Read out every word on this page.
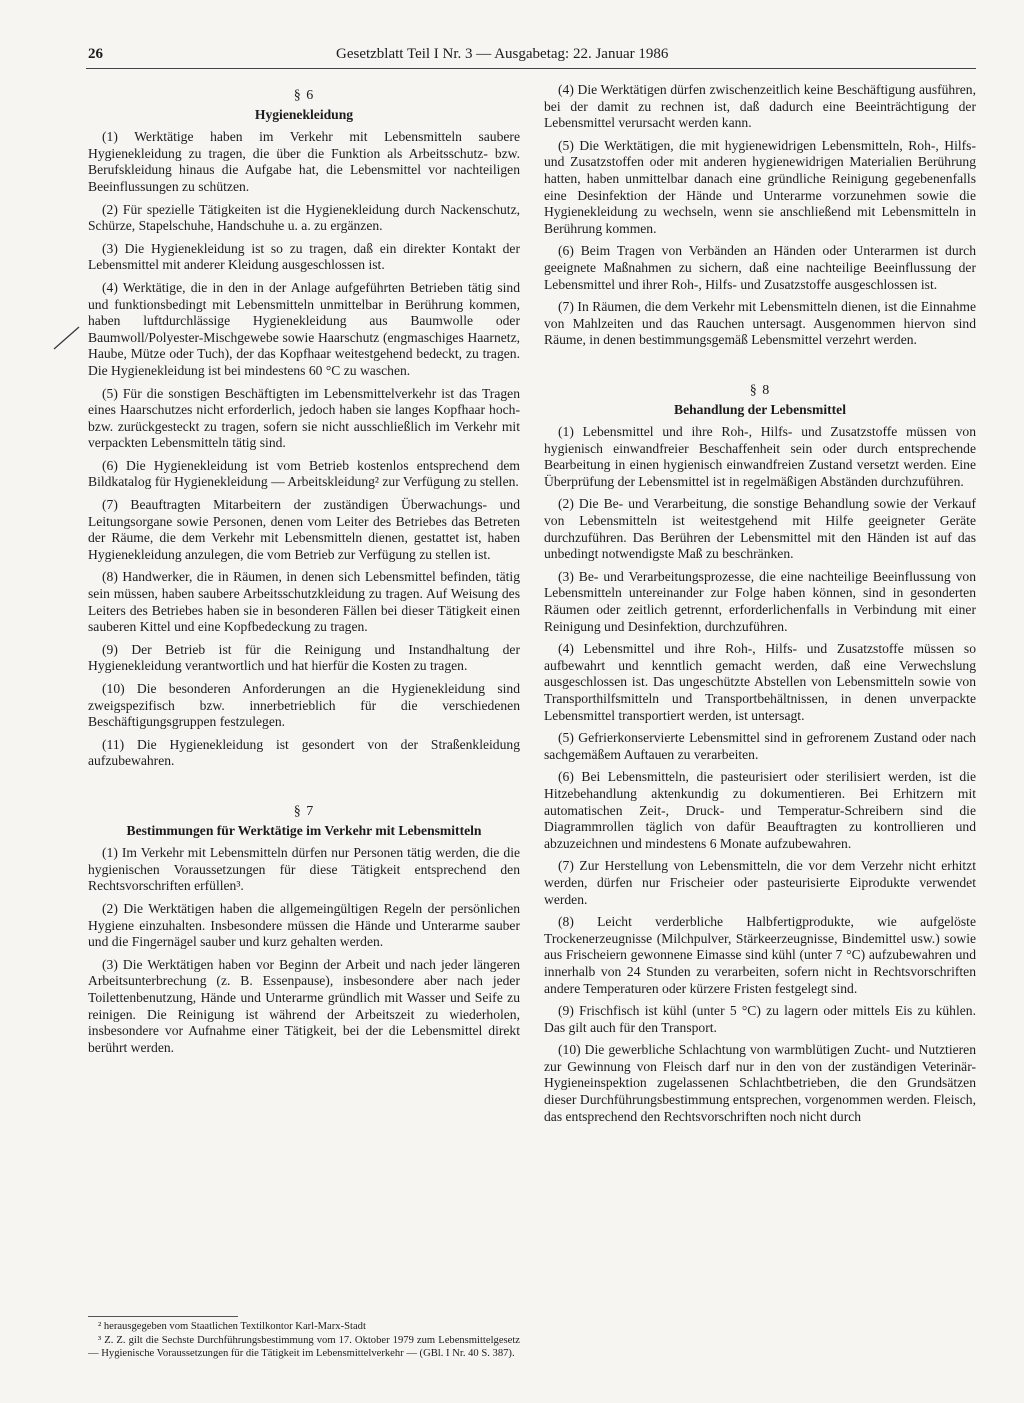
26	Gesetzblatt Teil I Nr. 3 — Ausgabetag: 22. Januar 1986

§ 6
Hygienekleidung

(1) Werktätige haben im Verkehr mit Lebensmitteln saubere Hygienekleidung zu tragen, die über die Funktion als Arbeitsschutz- bzw. Berufskleidung hinaus die Aufgabe hat, die Lebensmittel vor nachteiligen Beeinflussungen zu schützen.

(2) Für spezielle Tätigkeiten ist die Hygienekleidung durch Nackenschutz, Schürze, Stapelschuhe, Handschuhe u. a. zu ergänzen.

(3) Die Hygienekleidung ist so zu tragen, daß ein direkter Kontakt der Lebensmittel mit anderer Kleidung ausgeschlossen ist.

(4) Werktätige, die in den in der Anlage aufgeführten Betrieben tätig sind und funktionsbedingt mit Lebensmitteln unmittelbar in Berührung kommen, haben luftdurchlässige Hygienekleidung aus Baumwolle oder Baumwoll/Polyester-Mischgewebe sowie Haarschutz (engmaschiges Haarnetz, Haube, Mütze oder Tuch), der das Kopfhaar weitestgehend bedeckt, zu tragen. Die Hygienekleidung ist bei mindestens 60 °C zu waschen.

(5) Für die sonstigen Beschäftigten im Lebensmittelverkehr ist das Tragen eines Haarschutzes nicht erforderlich, jedoch haben sie langes Kopfhaar hoch- bzw. zurückgesteckt zu tragen, sofern sie nicht ausschließlich im Verkehr mit verpackten Lebensmitteln tätig sind.

(6) Die Hygienekleidung ist vom Betrieb kostenlos entsprechend dem Bildkatalog für Hygienekleidung — Arbeitskleidung² zur Verfügung zu stellen.

(7) Beauftragten Mitarbeitern der zuständigen Überwachungs- und Leitungsorgane sowie Personen, denen vom Leiter des Betriebes das Betreten der Räume, die dem Verkehr mit Lebensmitteln dienen, gestattet ist, haben Hygienekleidung anzulegen, die vom Betrieb zur Verfügung zu stellen ist.

(8) Handwerker, die in Räumen, in denen sich Lebensmittel befinden, tätig sein müssen, haben saubere Arbeitsschutzkleidung zu tragen. Auf Weisung des Leiters des Betriebes haben sie in besonderen Fällen bei dieser Tätigkeit einen sauberen Kittel und eine Kopfbedeckung zu tragen.

(9) Der Betrieb ist für die Reinigung und Instandhaltung der Hygienekleidung verantwortlich und hat hierfür die Kosten zu tragen.

(10) Die besonderen Anforderungen an die Hygienekleidung sind zweigspezifisch bzw. innerbetrieblich für die verschiedenen Beschäftigungsgruppen festzulegen.

(11) Die Hygienekleidung ist gesondert von der Straßenkleidung aufzubewahren.

§ 7
Bestimmungen für Werktätige im Verkehr mit Lebensmitteln

(1) Im Verkehr mit Lebensmitteln dürfen nur Personen tätig werden, die die hygienischen Voraussetzungen für diese Tätigkeit entsprechend den Rechtsvorschriften erfüllen³.

(2) Die Werktätigen haben die allgemeingültigen Regeln der persönlichen Hygiene einzuhalten. Insbesondere müssen die Hände und Unterarme sauber und die Fingernägel sauber und kurz gehalten werden.

(3) Die Werktätigen haben vor Beginn der Arbeit und nach jeder längeren Arbeitsunterbrechung (z. B. Essenpause), insbesondere aber nach jeder Toilettenbenutzung, Hände und Unterarme gründlich mit Wasser und Seife zu reinigen. Die Reinigung ist während der Arbeitszeit zu wiederholen, insbesondere vor Aufnahme einer Tätigkeit, bei der die Lebensmittel direkt berührt werden.

² herausgegeben vom Staatlichen Textilkontor Karl-Marx-Stadt

³ Z. Z. gilt die Sechste Durchführungsbestimmung vom 17. Oktober 1979 zum Lebensmittelgesetz — Hygienische Voraussetzungen für die Tätigkeit im Lebensmittelverkehr — (GBl. I Nr. 40 S. 387).

(4) Die Werktätigen dürfen zwischenzeitlich keine Beschäftigung ausführen, bei der damit zu rechnen ist, daß dadurch eine Beeinträchtigung der Lebensmittel verursacht werden kann.

(5) Die Werktätigen, die mit hygienewidrigen Lebensmitteln, Roh-, Hilfs- und Zusatzstoffen oder mit anderen hygienewidrigen Materialien Berührung hatten, haben unmittelbar danach eine gründliche Reinigung gegebenenfalls eine Desinfektion der Hände und Unterarme vorzunehmen sowie die Hygienekleidung zu wechseln, wenn sie anschließend mit Lebensmitteln in Berührung kommen.

(6) Beim Tragen von Verbänden an Händen oder Unterarmen ist durch geeignete Maßnahmen zu sichern, daß eine nachteilige Beeinflussung der Lebensmittel und ihrer Roh-, Hilfs- und Zusatzstoffe ausgeschlossen ist.

(7) In Räumen, die dem Verkehr mit Lebensmitteln dienen, ist die Einnahme von Mahlzeiten und das Rauchen untersagt. Ausgenommen hiervon sind Räume, in denen bestimmungsgemäß Lebensmittel verzehrt werden.

§ 8
Behandlung der Lebensmittel

(1) Lebensmittel und ihre Roh-, Hilfs- und Zusatzstoffe müssen von hygienisch einwandfreier Beschaffenheit sein oder durch entsprechende Bearbeitung in einen hygienisch einwandfreien Zustand versetzt werden. Eine Überprüfung der Lebensmittel ist in regelmäßigen Abständen durchzuführen.

(2) Die Be- und Verarbeitung, die sonstige Behandlung sowie der Verkauf von Lebensmitteln ist weitestgehend mit Hilfe geeigneter Geräte durchzuführen. Das Berühren der Lebensmittel mit den Händen ist auf das unbedingt notwendigste Maß zu beschränken.

(3) Be- und Verarbeitungsprozesse, die eine nachteilige Beeinflussung von Lebensmitteln untereinander zur Folge haben können, sind in gesonderten Räumen oder zeitlich getrennt, erforderlichenfalls in Verbindung mit einer Reinigung und Desinfektion, durchzuführen.

(4) Lebensmittel und ihre Roh-, Hilfs- und Zusatzstoffe müssen so aufbewahrt und kenntlich gemacht werden, daß eine Verwechslung ausgeschlossen ist. Das ungeschützte Abstellen von Lebensmitteln sowie von Transporthilfsmitteln und Transportbehältnissen, in denen unverpackte Lebensmittel transportiert werden, ist untersagt.

(5) Gefrierkonservierte Lebensmittel sind in gefrorenem Zustand oder nach sachgemäßem Auftauen zu verarbeiten.

(6) Bei Lebensmitteln, die pasteurisiert oder sterilisiert werden, ist die Hitzebehandlung aktenkundig zu dokumentieren. Bei Erhitzern mit automatischen Zeit-, Druck- und Temperatur-Schreibern sind die Diagrammrollen täglich von dafür Beauftragten zu kontrollieren und abzuzeichnen und mindestens 6 Monate aufzubewahren.

(7) Zur Herstellung von Lebensmitteln, die vor dem Verzehr nicht erhitzt werden, dürfen nur Frischeier oder pasteurisierte Eiprodukte verwendet werden.

(8) Leicht verderbliche Halbfertigprodukte, wie aufgelöste Trockenerzeugnisse (Milchpulver, Stärkeerzeugnisse, Bindemittel usw.) sowie aus Frischeiern gewonnene Eimasse sind kühl (unter 7 °C) aufzubewahren und innerhalb von 24 Stunden zu verarbeiten, sofern nicht in Rechtsvorschriften andere Temperaturen oder kürzere Fristen festgelegt sind.

(9) Frischfisch ist kühl (unter 5 °C) zu lagern oder mittels Eis zu kühlen. Das gilt auch für den Transport.

(10) Die gewerbliche Schlachtung von warmblütigen Zucht- und Nutztieren zur Gewinnung von Fleisch darf nur in den von der zuständigen Veterinär-Hygieneinspektion zugelassenen Schlachtbetrieben, die den Grundsätzen dieser Durchführungsbestimmung entsprechen, vorgenommen werden. Fleisch, das entsprechend den Rechtsvorschriften noch nicht durch
